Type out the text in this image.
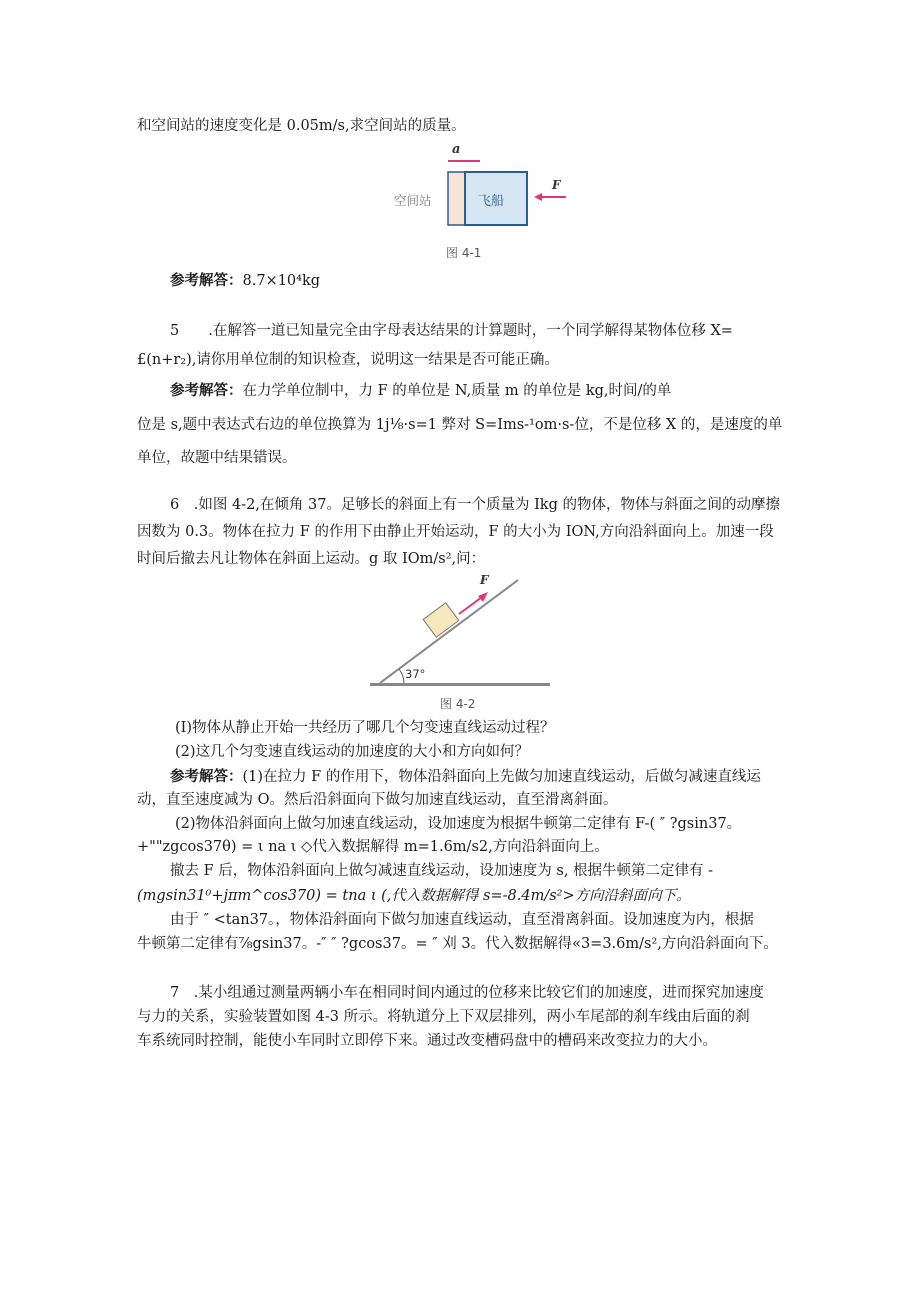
和空间站的速度变化是 0.05m/s,求空间站的质量。
a
空间站	飞船
F
图 4-1
参考解答：8.7×10⁴kg
5　　.在解答一道已知量完全由字母表达结果的计算题时，一个同学解得某物体位移 X=
£(n+r₂),请你用单位制的知识检查，说明这一结果是否可能正确。
参考解答：在力学单位制中，力 F 的单位是 N,质量 m 的单位是 kg,时间/的单
位是 s,题中表达式右边的单位换算为 1j⅛·s=1 弊对 S=Ims-¹om·s-位，不是位移 X 的，是速度的单
单位，故题中结果错误。
6　.如图 4-2,在倾角 37。足够长的斜面上有一个质量为 Ikg 的物体，物体与斜面之间的动摩擦
因数为 0.3。物体在拉力 F 的作用下由静止开始运动，F 的大小为 ION,方向沿斜面向上。加速一段
时间后撤去凡让物体在斜面上运动。g 取 IOm/s²,问：
F
37°
图 4-2
(I)物体从静止开始一共经历了哪几个匀变速直线运动过程？
(2)这几个匀变速直线运动的加速度的大小和方向如何？
参考解答：(1)在拉力 F 的作用下，物体沿斜面向上先做匀加速直线运动，后做匀减速直线运
动，直至速度减为 O。然后沿斜面向下做匀加速直线运动，直至滑离斜面。
(2)物体沿斜面向上做匀加速直线运动，设加速度为根据牛顿第二定律有 F-( ″ ?gsin37。
+""zgcos37θ) = ι na ι ◇代入数据解得 m=1.6m/s2,方向沿斜面向上。
撤去 F 后，物体沿斜面向上做匀减速直线运动，设加速度为 s, 根据牛顿第二定律有 -
(mgsin31⁰+jπm^cos370) = tna ι (,代入数据解得 s=-8.4m/s²>方向沿斜面向下。
由于 ″ <tan37。，物体沿斜面向下做匀加速直线运动，直至滑离斜面。设加速度为内，根据
牛顿第二定律有⅞gsin37。-″ ″ ?gcos37。= ″ 刈 3。代入数据解得«3=3.6m/s²,方向沿斜面向下。
7　.某小组通过测量两辆小车在相同时间内通过的位移来比较它们的加速度，进而探究加速度
与力的关系，实验装置如图 4-3 所示。将轨道分上下双层排列，两小车尾部的刹车线由后面的刹
车系统同时控制，能使小车同时立即停下来。通过改变槽码盘中的槽码来改变拉力的大小。
